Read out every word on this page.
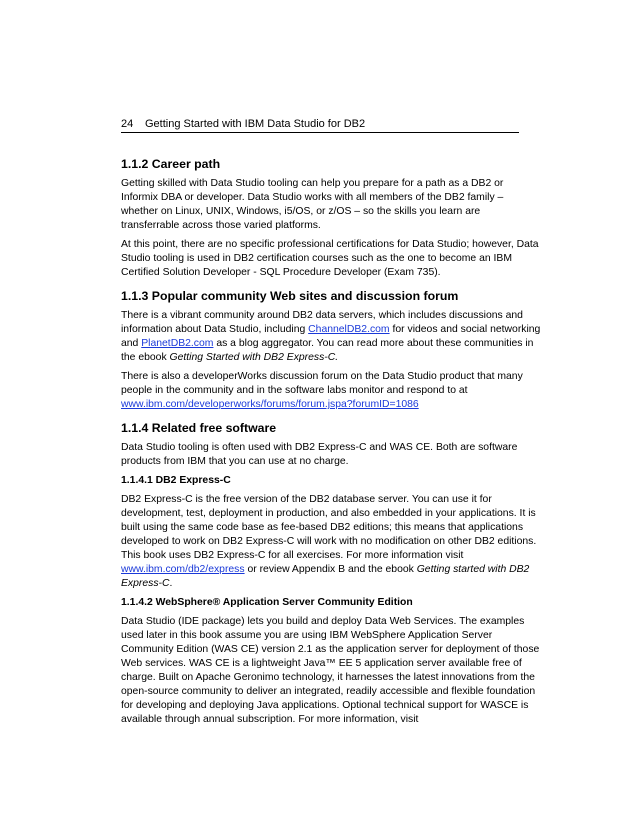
24 Getting Started with IBM Data Studio for DB2
1.1.2 Career path

Getting skilled with Data Studio tooling can help you prepare for a path as a DB2 or
Informix DBA or developer. Data Studio works with all members of the DB2 family –
whether on Linux, UNIX, Windows, i5/OS, or z/OS – so the skills you learn are
transferrable across those varied platforms.

At this point, there are no specific professional certifications for Data Studio; however, Data
Studio tooling is used in DB2 certification courses such as the one to become an IBM
Certified Solution Developer - SQL Procedure Developer (Exam 735).

1.1.3 Popular community Web sites and discussion forum

There is a vibrant community around DB2 data servers, which includes discussions and
information about Data Studio, including ChannelDB2.com for videos and social networking
and PlanetDB2.com as a blog aggregator. You can read more about these communities in
the ebook Getting Started with DB2 Express-C.

There is also a developerWorks discussion forum on the Data Studio product that many
people in the community and in the software labs monitor and respond to at
www.ibm.com/developerworks/forums/forum.jspa?forumID=1086

1.1.4 Related free software

Data Studio tooling is often used with DB2 Express-C and WAS CE. Both are software
products from IBM that you can use at no charge.

1.1.4.1 DB2 Express-C

DB2 Express-C is the free version of the DB2 database server. You can use it for
development, test, deployment in production, and also embedded in your applications. It is
built using the same code base as fee-based DB2 editions; this means that applications
developed to work on DB2 Express-C will work with no modification on other DB2 editions.
This book uses DB2 Express-C for all exercises. For more information visit
www.ibm.com/db2/express or review Appendix B and the ebook Getting started with DB2
Express-C.

1.1.4.2 WebSphere® Application Server Community Edition

Data Studio (IDE package) lets you build and deploy Data Web Services. The examples
used later in this book assume you are using IBM WebSphere Application Server
Community Edition (WAS CE) version 2.1 as the application server for deployment of those
Web services. WAS CE is a lightweight Java™ EE 5 application server available free of
charge. Built on Apache Geronimo technology, it harnesses the latest innovations from the
open-source community to deliver an integrated, readily accessible and flexible foundation
for developing and deploying Java applications. Optional technical support for WASCE is
available through annual subscription. For more information, visit
